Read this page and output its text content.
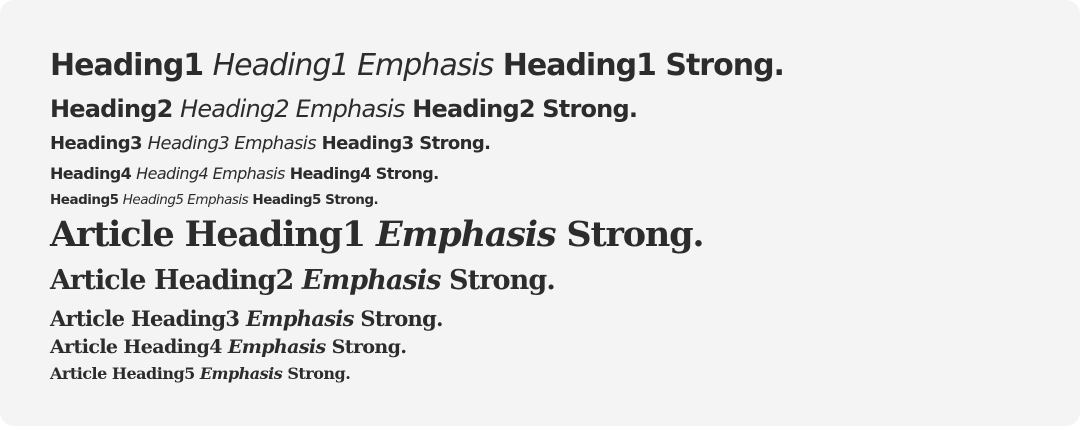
Heading1 Heading1 Emphasis Heading1 Strong.
Heading2 Heading2 Emphasis Heading2 Strong.
Heading3 Heading3 Emphasis Heading3 Strong.
Heading4 Heading4 Emphasis Heading4 Strong.
Heading5 Heading5 Emphasis Heading5 Strong.
Article Heading1 Emphasis Strong.
Article Heading2 Emphasis Strong.
Article Heading3 Emphasis Strong.
Article Heading4 Emphasis Strong.
Article Heading5 Emphasis Strong.
